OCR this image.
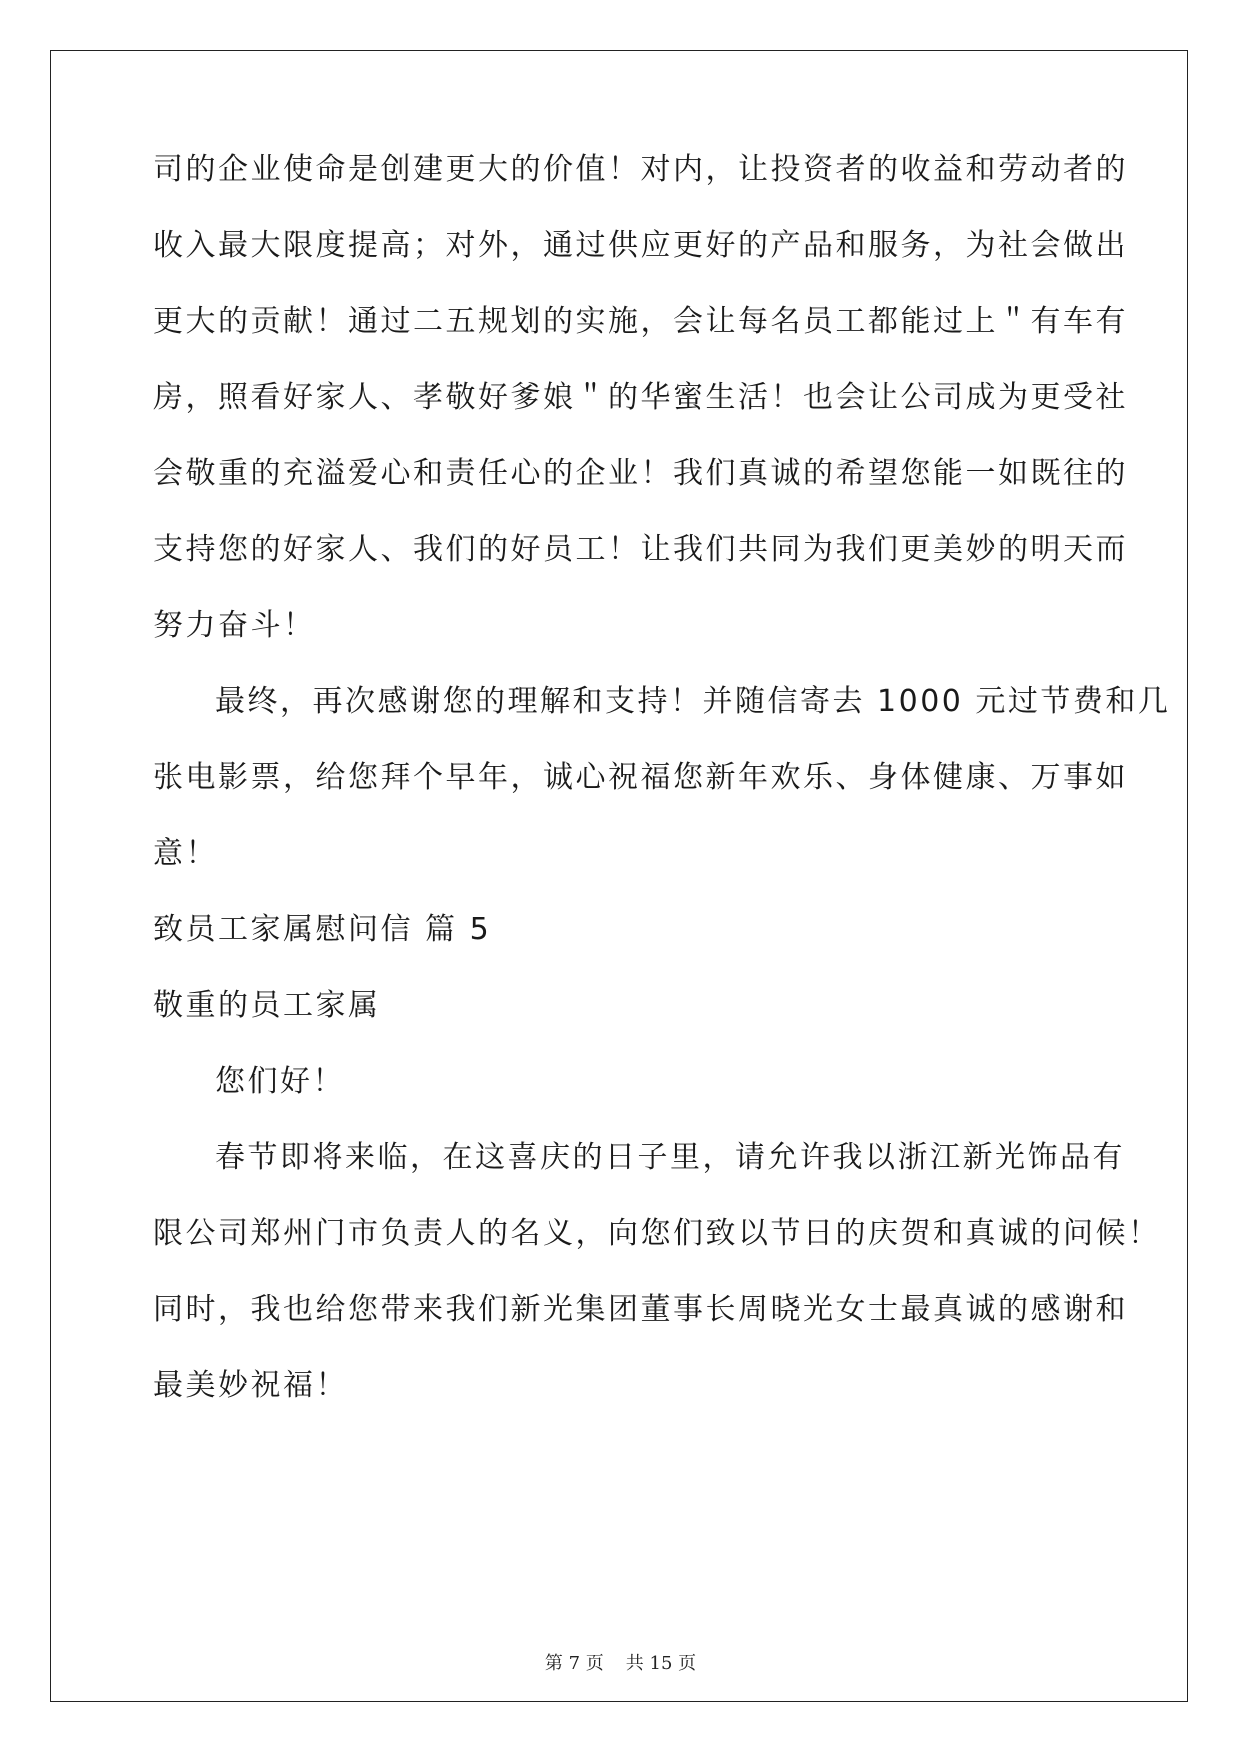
司的企业使命是创建更大的价值！对内，让投资者的收益和劳动者的
收入最大限度提高；对外，通过供应更好的产品和服务，为社会做出
更大的贡献！通过二五规划的实施，会让每名员工都能过上＂有车有
房，照看好家人、孝敬好爹娘＂的华蜜生活！也会让公司成为更受社
会敬重的充溢爱心和责任心的企业！我们真诚的希望您能一如既往的
支持您的好家人、我们的好员工！让我们共同为我们更美妙的明天而
努力奋斗！
最终，再次感谢您的理解和支持！并随信寄去 1000 元过节费和几
张电影票，给您拜个早年，诚心祝福您新年欢乐、身体健康、万事如
意！
致员工家属慰问信 篇 5
敬重的员工家属
您们好！
春节即将来临，在这喜庆的日子里，请允许我以浙江新光饰品有
限公司郑州门市负责人的名义，向您们致以节日的庆贺和真诚的问候！
同时，我也给您带来我们新光集团董事长周晓光女士最真诚的感谢和
最美妙祝福！
第 7 页 共 15 页
